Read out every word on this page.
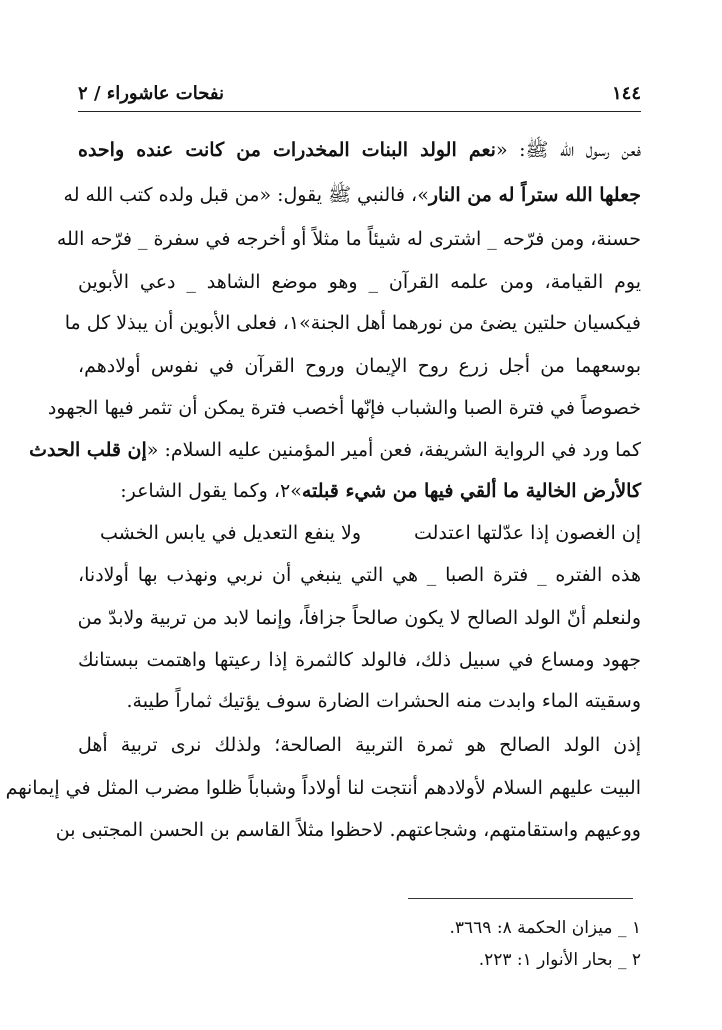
١٤٤
نفحات عاشوراء / ٢
فعن رسول الله ﷺ: «نعم الولد البنات المخدرات من كانت عنده واحده
جعلها الله ستراً له من النار»، فالنبي ﷺ يقول: «من قبل ولده كتب الله له
حسنة، ومن فرّحه _ اشترى له شيئاً ما مثلاً أو أخرجه في سفرة _ فرّحه الله
يوم القيامة، ومن علمه القرآن _ وهو موضع الشاهد _ دعي الأبوين
فيكسيان حلتين يضئ من نورهما أهل الجنة»١، فعلى الأبوين أن يبذلا كل ما
بوسعهما من أجل زرع روح الإيمان وروح القرآن في نفوس أولادهم،
خصوصاً في فترة الصبا والشباب فإنّها أخصب فترة يمكن أن تثمر فيها الجهود
كما ورد في الرواية الشريفة، فعن أمير المؤمنين عليه السلام: «إن قلب الحدث
كالأرض الخالية ما ألقي فيها من شيء قبلته»٢، وكما يقول الشاعر:
إن الغصون إذا عدّلتها اعتدلت
ولا ينفع التعديل في يابس الخشب
هذه الفتره _ فترة الصبا _ هي التي ينبغي أن نربي ونهذب بها أولادنا،
ولنعلم أنّ الولد الصالح لا يكون صالحاً جزافاً، وإنما لابد من تربية ولابدّ من
جهود ومساع في سبيل ذلك، فالولد كالثمرة إذا رعيتها واهتمت ببستانك
وسقيته الماء وابدت منه الحشرات الضارة سوف يؤتيك ثماراً طيبة.
إذن الولد الصالح هو ثمرة التربية الصالحة؛ ولذلك نرى تربية أهل
البيت عليهم السلام لأولادهم أنتجت لنا أولاداً وشباباً ظلوا مضرب المثل في إيمانهم
ووعيهم واستقامتهم، وشجاعتهم. لاحظوا مثلاً القاسم بن الحسن المجتبى بن
١ _ ميزان الحكمة ٨: ٣٦٦٩.
٢ _ بحار الأنوار ١: ٢٢٣.
